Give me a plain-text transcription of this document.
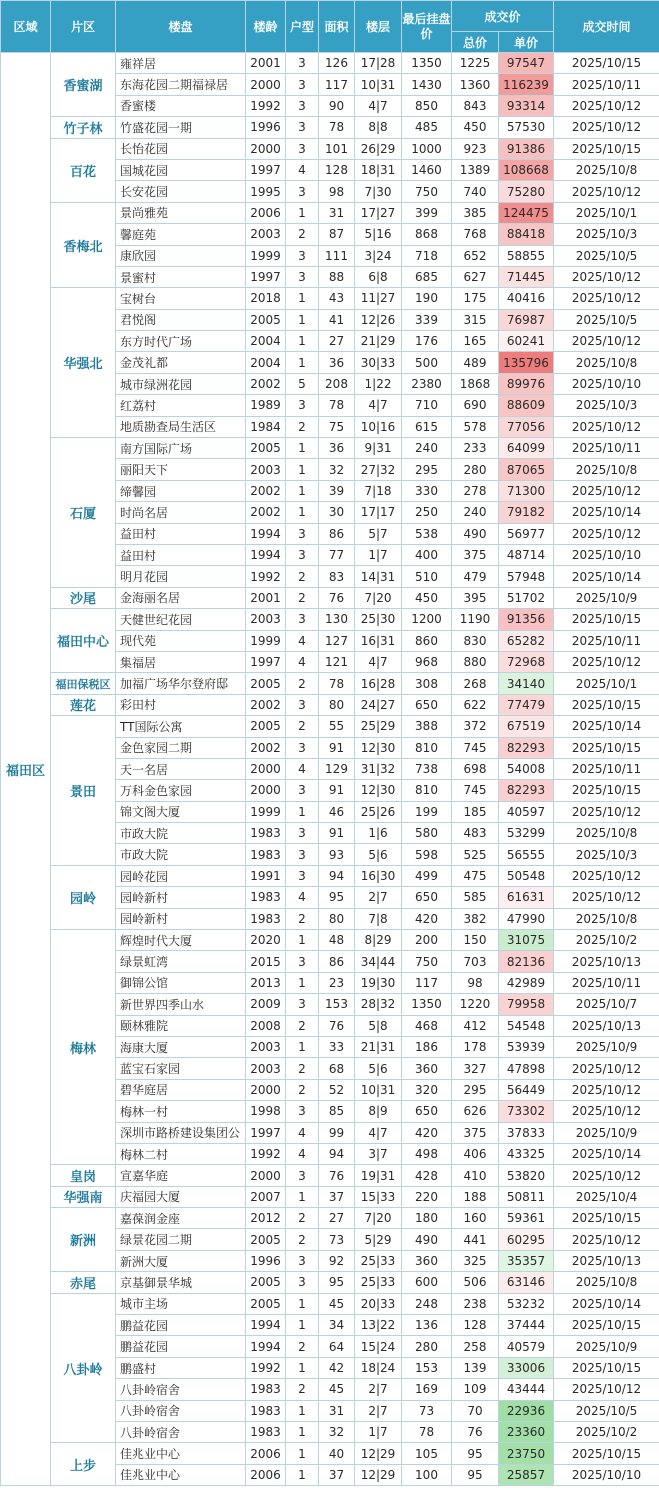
区域	片区	楼盘	楼龄	户型	面积	楼层	最后挂盘价	成交价		成交时间
								总价	单价	
福田区	香蜜湖	雍祥居	2001	3	126	17|28	1350	1225	97547	2025/10/15
		东海花园二期福禄居	2000	3	117	10|31	1430	1360	116239	2025/10/11
		香蜜楼	1992	3	90	4|7	850	843	93314	2025/10/12
	竹子林	竹盛花园一期	1996	3	78	8|8	485	450	57530	2025/10/12
	百花	长怡花园	2000	3	101	26|29	1000	923	91386	2025/10/15
		国城花园	1997	4	128	18|31	1460	1389	108668	2025/10/8
		长安花园	1995	3	98	7|30	750	740	75280	2025/10/12
	香梅北	景尚雅苑	2006	1	31	17|27	399	385	124475	2025/10/1
		馨庭苑	2003	2	87	5|16	868	768	88418	2025/10/3
		康欣园	1999	3	111	3|24	718	652	58855	2025/10/5
		景蜜村	1997	3	88	6|8	685	627	71445	2025/10/12
	华强北	宝树台	2018	1	43	11|27	190	175	40416	2025/10/12
		君悦阁	2005	1	41	12|26	339	315	76987	2025/10/5
		东方时代广场	2004	1	27	21|29	176	165	60241	2025/10/12
		金茂礼都	2004	1	36	30|33	500	489	135796	2025/10/8
		城市绿洲花园	2002	5	208	1|22	2380	1868	89976	2025/10/10
		红荔村	1989	3	78	4|7	710	690	88609	2025/10/3
		地质勘查局生活区	1984	2	75	10|16	615	578	77056	2025/10/12
	石厦	南方国际广场	2005	1	36	9|31	240	233	64099	2025/10/11
		丽阳天下	2003	1	32	27|32	295	280	87065	2025/10/8
		缔馨园	2002	1	39	7|18	330	278	71300	2025/10/12
		时尚名居	2002	1	30	17|17	250	240	79182	2025/10/14
		益田村	1994	3	86	5|7	538	490	56977	2025/10/12
		益田村	1994	3	77	1|7	400	375	48714	2025/10/10
		明月花园	1992	2	83	14|31	510	479	57948	2025/10/14
	沙尾	金海丽名居	2001	2	76	7|20	450	395	51702	2025/10/9
	福田中心	天健世纪花园	2003	3	130	25|30	1200	1190	91356	2025/10/15
		现代苑	1999	4	127	16|31	860	830	65282	2025/10/11
		集福居	1997	4	121	4|7	968	880	72968	2025/10/12
	福田保税区	加福广场华尔登府邸	2005	2	78	16|28	308	268	34140	2025/10/1
	莲花	彩田村	2002	3	80	24|27	650	622	77479	2025/10/15
	景田	TT国际公寓	2005	2	55	25|29	388	372	67519	2025/10/14
		金色家园二期	2002	3	91	12|30	810	745	82293	2025/10/15
		天一名居	2000	4	129	31|32	738	698	54008	2025/10/11
		万科金色家园	2000	3	91	12|30	810	745	82293	2025/10/15
		锦文阁大厦	1999	1	46	25|26	199	185	40597	2025/10/12
		市政大院	1983	3	91	1|6	580	483	53299	2025/10/8
		市政大院	1983	3	93	5|6	598	525	56555	2025/10/3
	园岭	园岭花园	1991	3	94	16|30	499	475	50548	2025/10/12
		园岭新村	1983	4	95	2|7	650	585	61631	2025/10/12
		园岭新村	1983	2	80	7|8	420	382	47990	2025/10/8
	梅林	辉煌时代大厦	2020	1	48	8|29	200	150	31075	2025/10/2
		绿景虹湾	2015	3	86	34|44	750	703	82136	2025/10/13
		御锦公馆	2013	1	23	19|30	117	98	42989	2025/10/11
		新世界四季山水	2009	3	153	28|32	1350	1220	79958	2025/10/7
		颐林雅院	2008	2	76	5|8	468	412	54548	2025/10/13
		海康大厦	2003	1	33	21|31	186	178	53939	2025/10/9
		蓝宝石家园	2003	2	68	5|6	360	327	47898	2025/10/12
		碧华庭居	2000	2	52	10|31	320	295	56449	2025/10/12
		梅林一村	1998	3	85	8|9	650	626	73302	2025/10/12
		深圳市路桥建设集团公	1997	4	99	4|7	420	375	37833	2025/10/9
		梅林二村	1992	4	94	3|7	498	406	43325	2025/10/14
	皇岗	宣嘉华庭	2000	3	76	19|31	428	410	53820	2025/10/12
	华强南	庆福园大厦	2007	1	37	15|33	220	188	50811	2025/10/4
	新洲	嘉葆润金座	2012	2	27	7|20	180	160	59361	2025/10/15
		绿景花园二期	2005	2	73	5|29	490	441	60295	2025/10/12
		新洲大厦	1996	3	92	25|33	360	325	35357	2025/10/13
	赤尾	京基御景华城	2005	3	95	25|33	600	506	63146	2025/10/8
	八卦岭	城市主场	2005	1	45	20|33	248	238	53232	2025/10/14
		鹏益花园	1994	1	34	13|22	136	128	37444	2025/10/15
		鹏益花园	1994	2	64	15|24	280	258	40579	2025/10/9
		鹏盛村	1992	1	42	18|24	153	139	33006	2025/10/15
		八卦岭宿舍	1983	2	45	2|7	169	109	43444	2025/10/12
		八卦岭宿舍	1983	1	31	2|7	73	70	22936	2025/10/5
		八卦岭宿舍	1983	1	32	1|7	78	76	23360	2025/10/2
	上步	佳兆业中心	2006	1	40	12|29	105	95	23750	2025/10/15
		佳兆业中心	2006	1	37	12|29	100	95	25857	2025/10/10
